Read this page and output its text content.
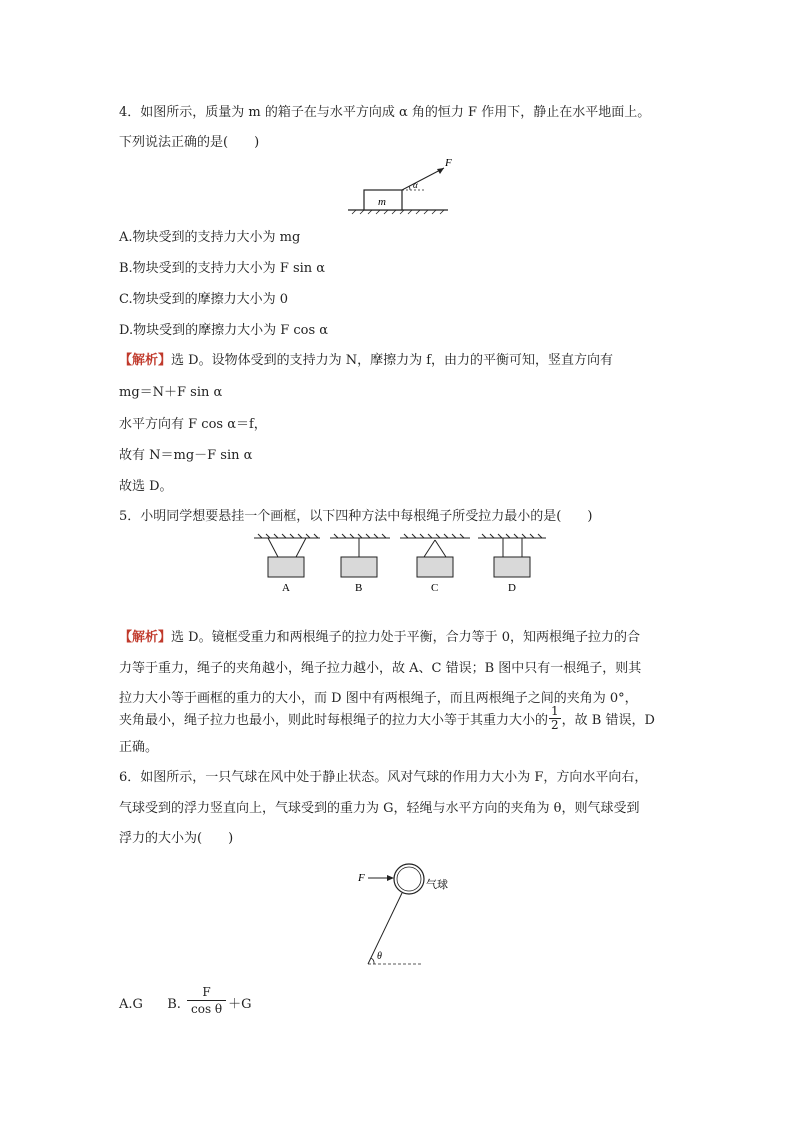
4．如图所示，质量为 m 的箱子在与水平方向成 α 角的恒力 F 作用下，静止在水平地面上。
下列说法正确的是(　　)
m
F
α
A.物块受到的支持力大小为 mg
B.物块受到的支持力大小为 F sin α
C.物块受到的摩擦力大小为 0
D.物块受到的摩擦力大小为 F cos α
【解析】选 D。设物体受到的支持力为 N，摩擦力为 f，由力的平衡可知，竖直方向有
mg＝N＋F sin α
水平方向有 F cos α＝f，
故有 N＝mg－F sin α
故选 D。
5．小明同学想要悬挂一个画框，以下四种方法中每根绳子所受拉力最小的是(　　)
A	B	C	D
【解析】选 D。镜框受重力和两根绳子的拉力处于平衡，合力等于 0，知两根绳子拉力的合
力等于重力，绳子的夹角越小，绳子拉力越小，故 A、C 错误；B 图中只有一根绳子，则其
拉力大小等于画框的重力的大小，而 D 图中有两根绳子，而且两根绳子之间的夹角为 0°，
夹角最小，绳子拉力也最小，则此时每根绳子的拉力大小等于其重力大小的 $\frac{1}{2}$ ，故 B 错误，D
正确。
6．如图所示，一只气球在风中处于静止状态。风对气球的作用力大小为 F，方向水平向右，
气球受到的浮力竖直向上，气球受到的重力为 G，轻绳与水平方向的夹角为 θ，则气球受到
浮力的大小为(　　)
F
气球
θ
A.G B. $\frac{F}{\text{cos θ}} +G$
